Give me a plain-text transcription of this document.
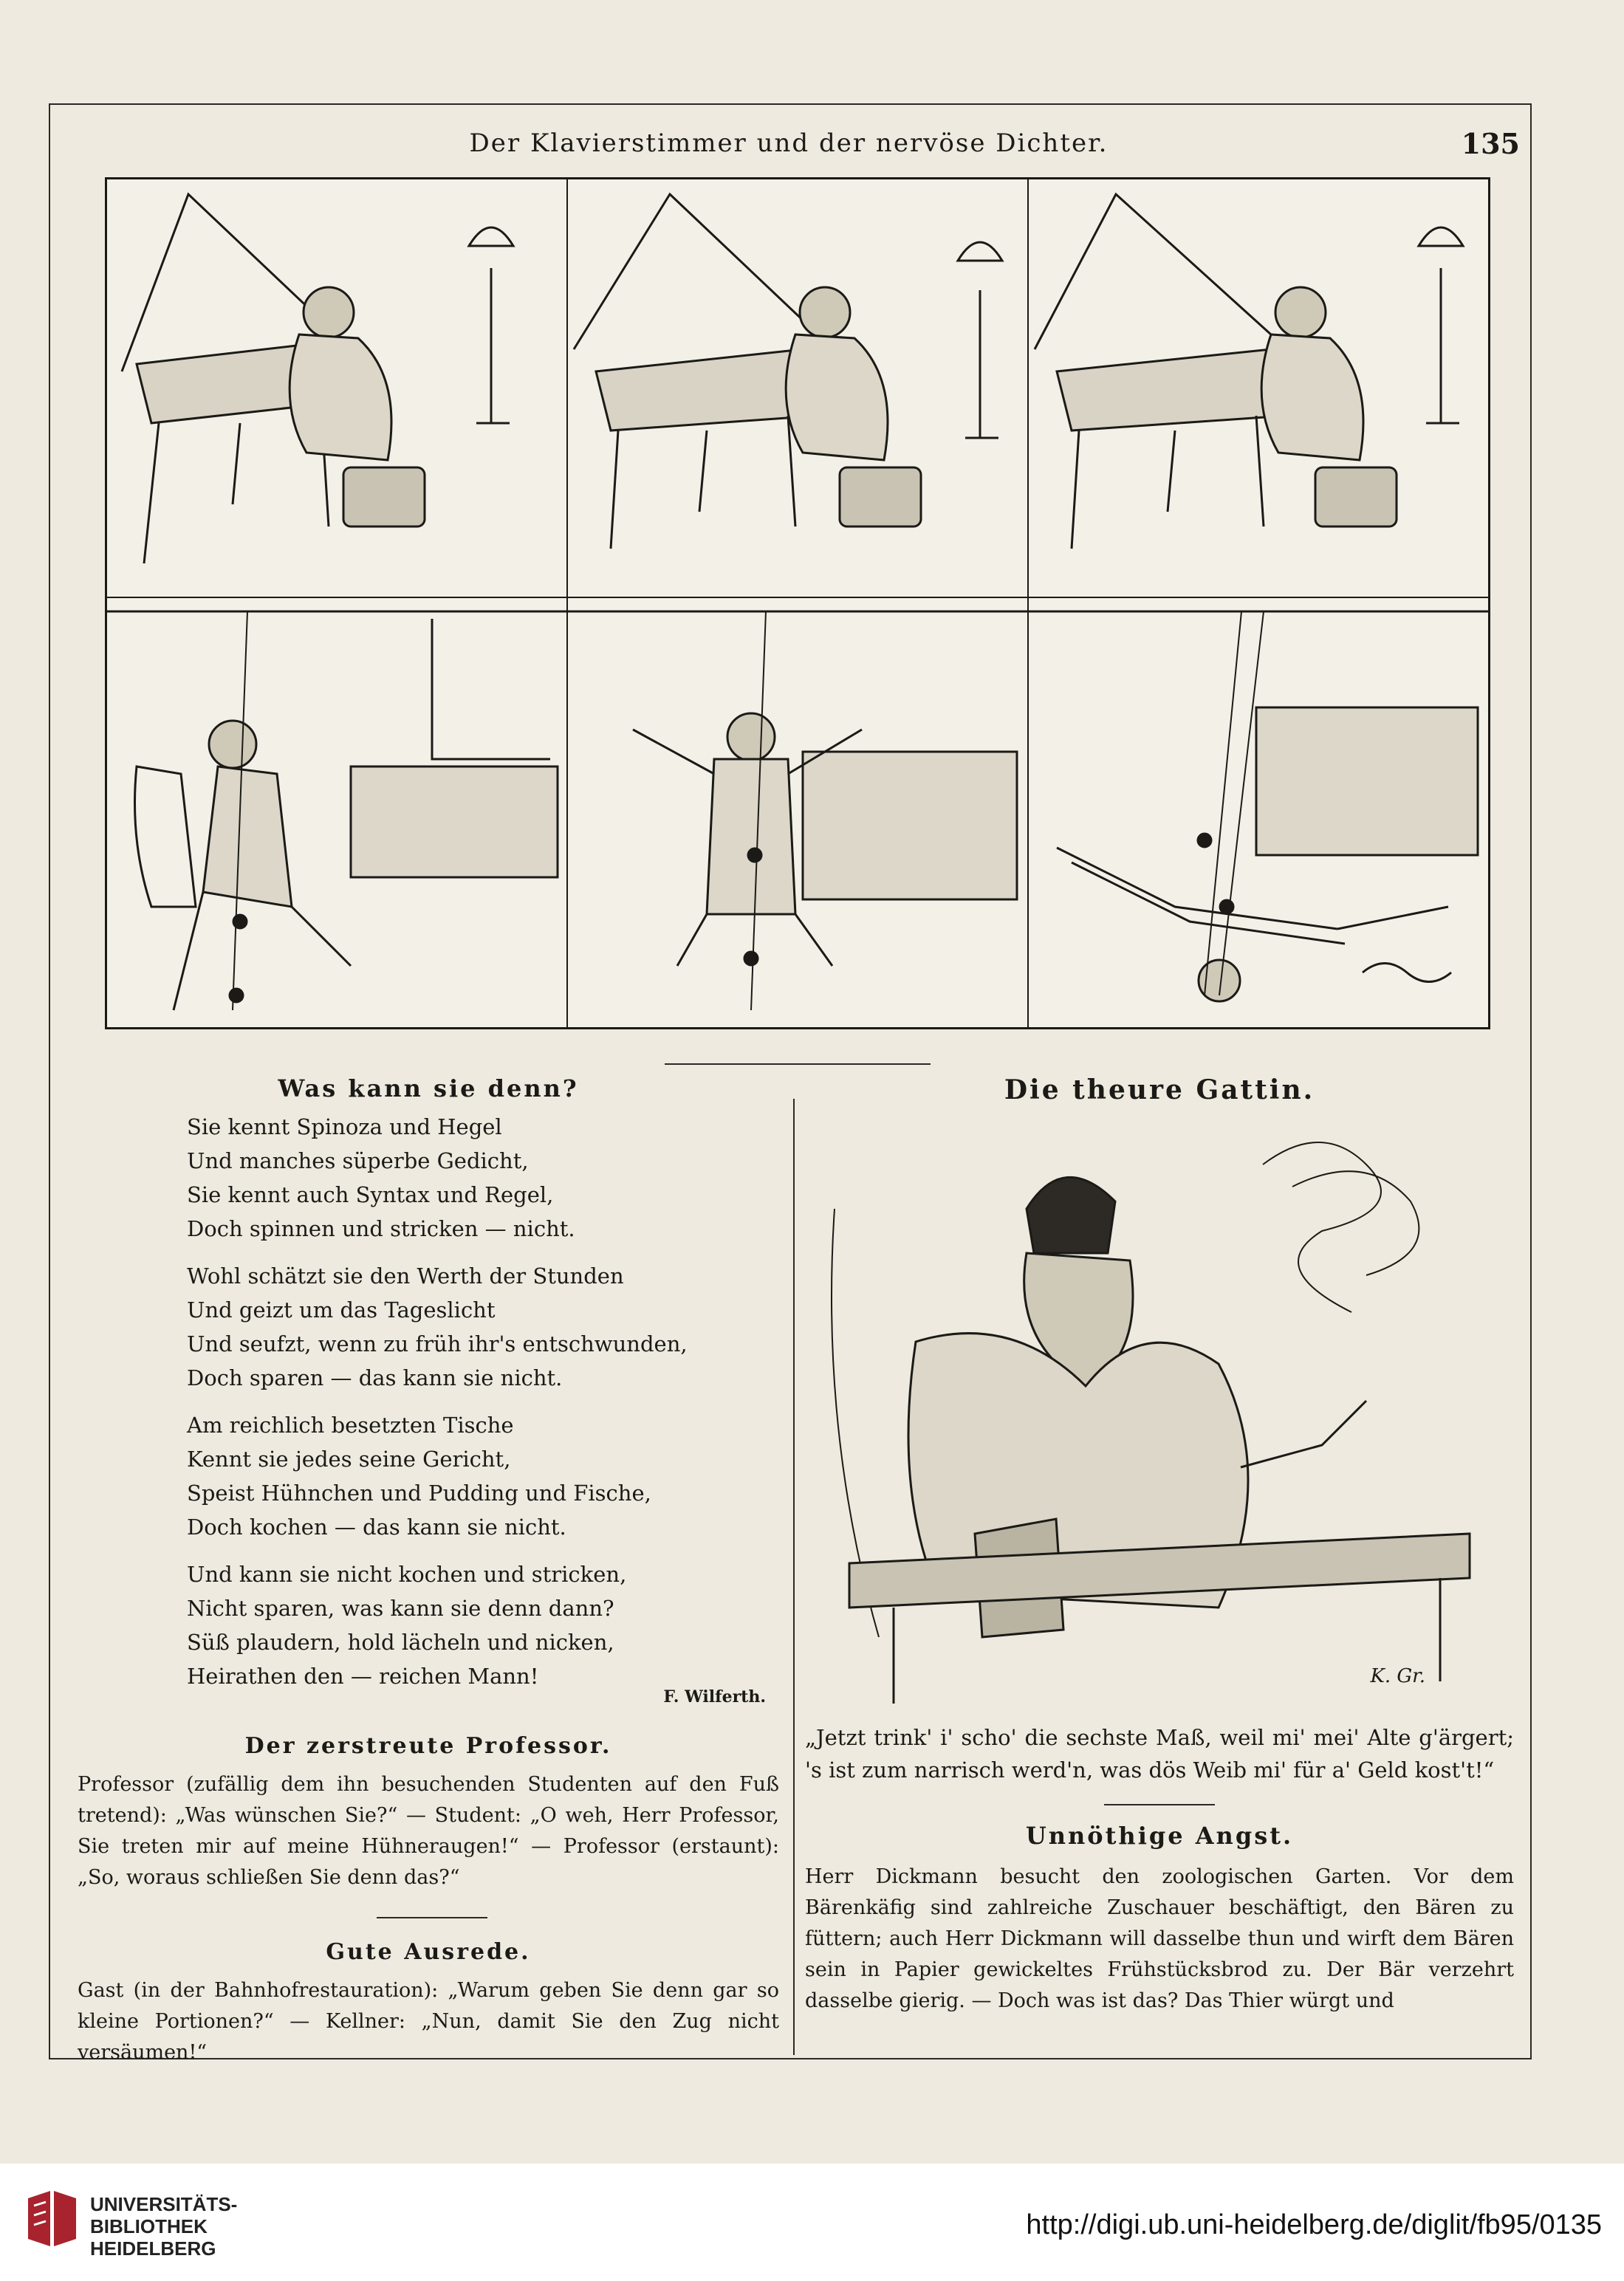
Der Klavierstimmer und der nervöse Dichter.	135
Was kann sie denn?

Sie kennt Spinoza und Hegel

Und manches süperbe Gedicht,

Sie kennt auch Syntax und Regel,

Doch spinnen und stricken — nicht.

Wohl schätzt sie den Werth der Stunden

Und geizt um das Tageslicht

Und seufzt, wenn zu früh ihr's entschwunden,

Doch sparen — das kann sie nicht.

Am reichlich besetzten Tische

Kennt sie jedes seine Gericht,

Speist Hühnchen und Pudding und Fische,

Doch kochen — das kann sie nicht.

Und kann sie nicht kochen und stricken,

Nicht sparen, was kann sie denn dann?

Süß plaudern, hold lächeln und nicken,

Heirathen den — reichen Mann!

F. Wilferth.
Der zerstreute Professor.

Professor (zufällig dem ihn besuchenden Studenten auf den Fuß tretend): „Was wünschen Sie?“ — Student: „O weh, Herr Professor, Sie treten mir auf meine Hühneraugen!“ — Professor (erstaunt): „So, woraus schließen Sie denn das?“

Gute Ausrede.

Gast (in der Bahnhofrestauration): „Warum geben Sie denn gar so kleine Portionen?“ — Kellner: „Nun, damit Sie den Zug nicht versäumen!“

Die theure Gattin.
K. Gr.

„Jetzt trink' i' scho' die sechste Maß, weil mi' mei' Alte g'ärgert; 's ist zum narrisch werd'n, was dös Weib mi' für a' Geld kost't!“

Unnöthige Angst.

Herr Dickmann besucht den zoologischen Garten. Vor dem Bärenkäfig sind zahlreiche Zuschauer beschäftigt, den Bären zu füttern; auch Herr Dickmann will dasselbe thun und wirft dem Bären sein in Papier gewickeltes Frühstücksbrod zu. Der Bär verzehrt dasselbe gierig. — Doch was ist das? Das Thier würgt und

UNIVERSITÄTS-
BIBLIOTHEK
HEIDELBERG
http://digi.ub.uni-heidelberg.de/diglit/fb95/0135
